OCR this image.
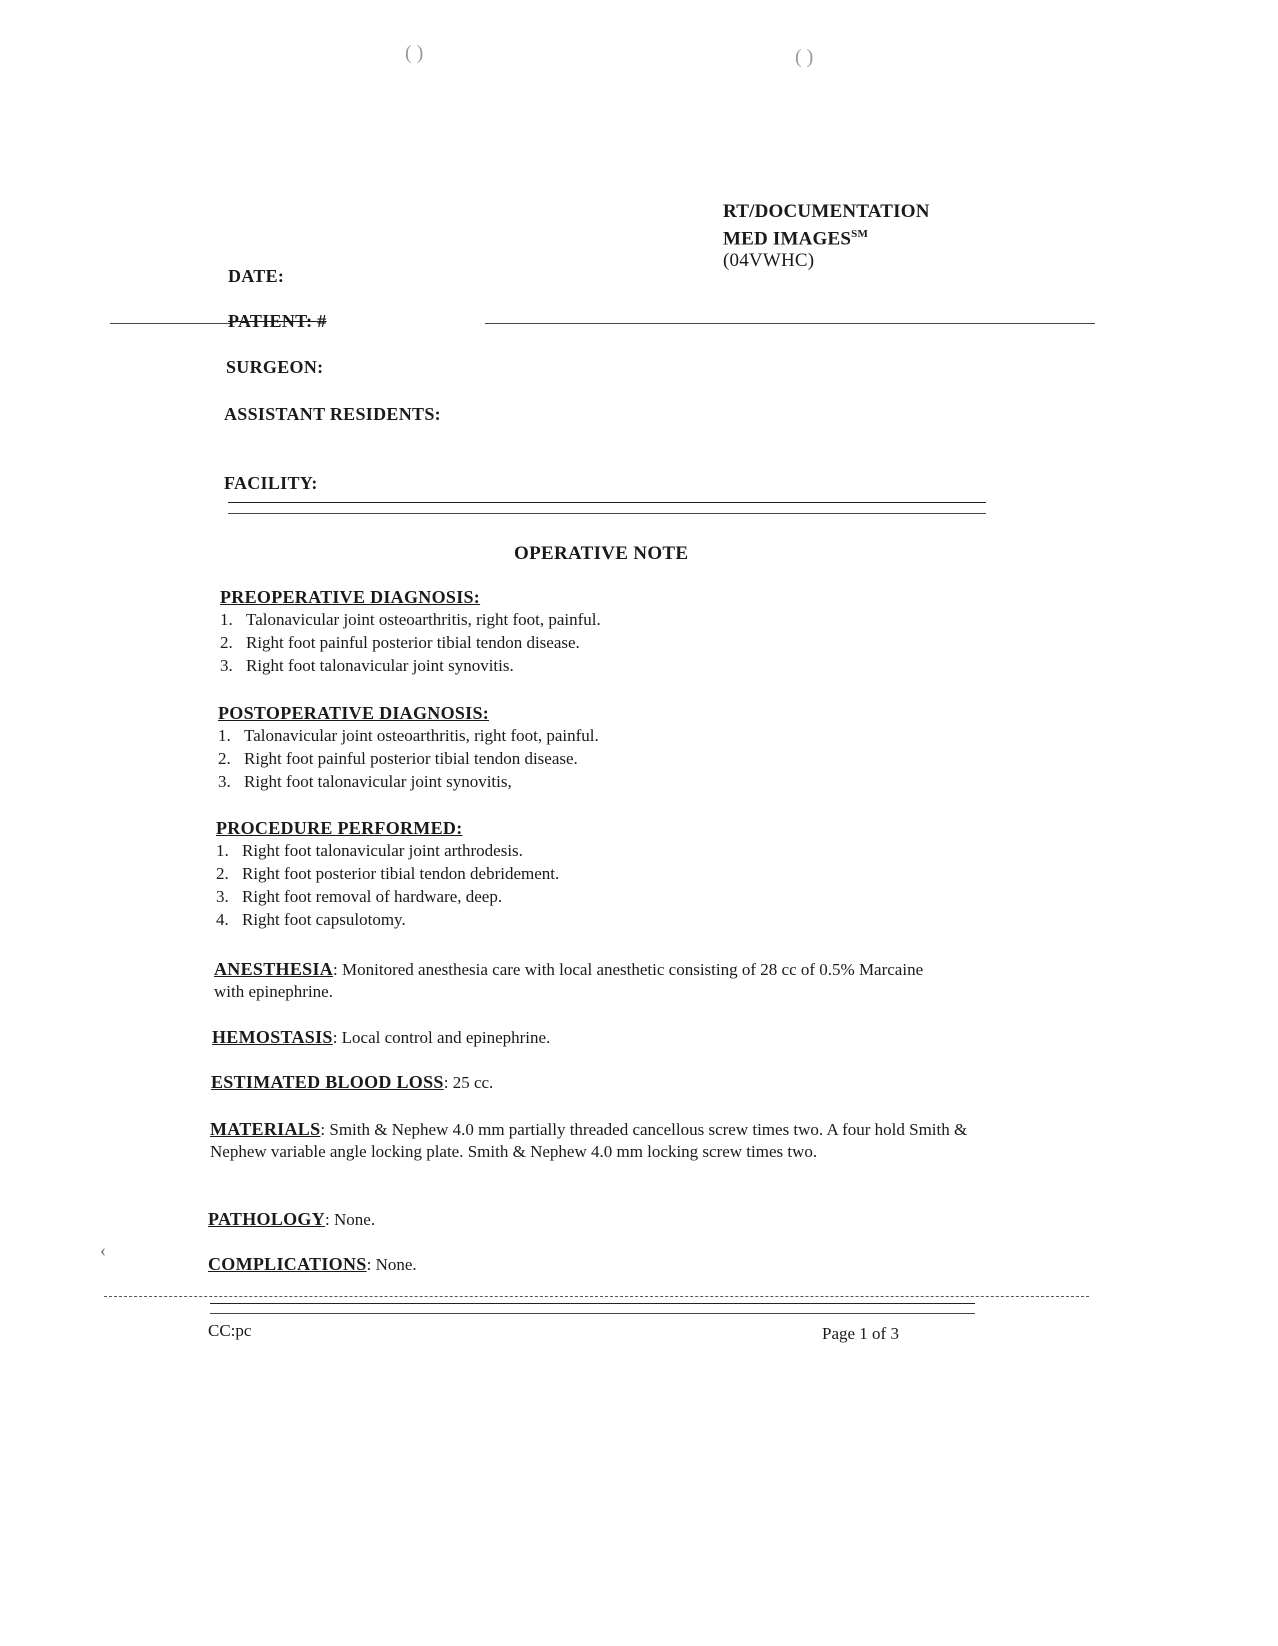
RT/DOCUMENTATION
MED IMAGES℠
(04VWHC)
DATE:
PATIENT: #
SURGEON:
ASSISTANT RESIDENTS:
FACILITY:
OPERATIVE NOTE
PREOPERATIVE DIAGNOSIS:
1. Talonavicular joint osteoarthritis, right foot, painful.
2. Right foot painful posterior tibial tendon disease.
3. Right foot talonavicular joint synovitis.
POSTOPERATIVE DIAGNOSIS:
1. Talonavicular joint osteoarthritis, right foot, painful.
2. Right foot painful posterior tibial tendon disease.
3. Right foot talonavicular joint synovitis,
PROCEDURE PERFORMED:
1. Right foot talonavicular joint arthrodesis.
2. Right foot posterior tibial tendon debridement.
3. Right foot removal of hardware, deep.
4. Right foot capsulotomy.
ANESTHESIA: Monitored anesthesia care with local anesthetic consisting of 28 cc of 0.5% Marcaine with epinephrine.
HEMOSTASIS: Local control and epinephrine.
ESTIMATED BLOOD LOSS: 25 cc.
MATERIALS: Smith & Nephew 4.0 mm partially threaded cancellous screw times two. A four hold Smith & Nephew variable angle locking plate. Smith & Nephew 4.0 mm locking screw times two.
PATHOLOGY: None.
COMPLICATIONS: None.
CC:pc	Page 1 of 3
( )	( )
‹
